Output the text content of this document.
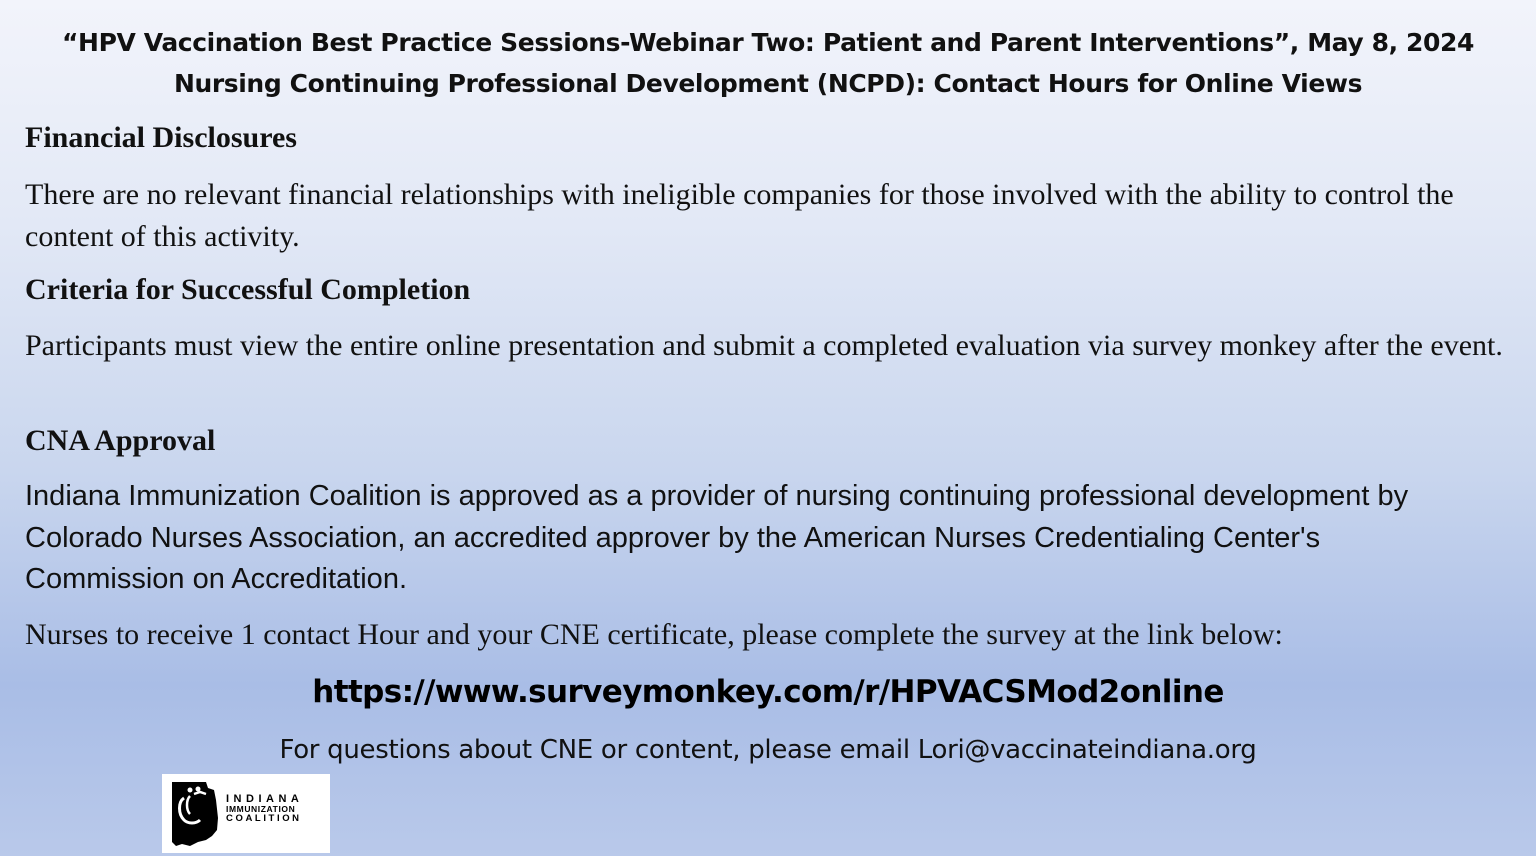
“HPV Vaccination Best Practice Sessions-Webinar Two: Patient and Parent Interventions”, May 8, 2024
Nursing Continuing Professional Development (NCPD): Contact Hours for Online Views
Financial Disclosures
There are no relevant financial relationships with ineligible companies for those involved with the ability to control the content of this activity.
Criteria for Successful Completion
Participants must view the entire online presentation and submit a completed evaluation via survey monkey after the event.
CNA Approval
Indiana Immunization Coalition is approved as a provider of nursing continuing professional development by Colorado Nurses Association, an accredited approver by the American Nurses Credentialing Center's Commission on Accreditation.
Nurses to receive 1 contact Hour and your CNE certificate, please complete the survey at the link below:
https://www.surveymonkey.com/r/HPVACSMod2online
For questions about CNE or content, please email Lori@vaccinateindiana.org
INDIANA
IMMUNIZATION
COALITION
